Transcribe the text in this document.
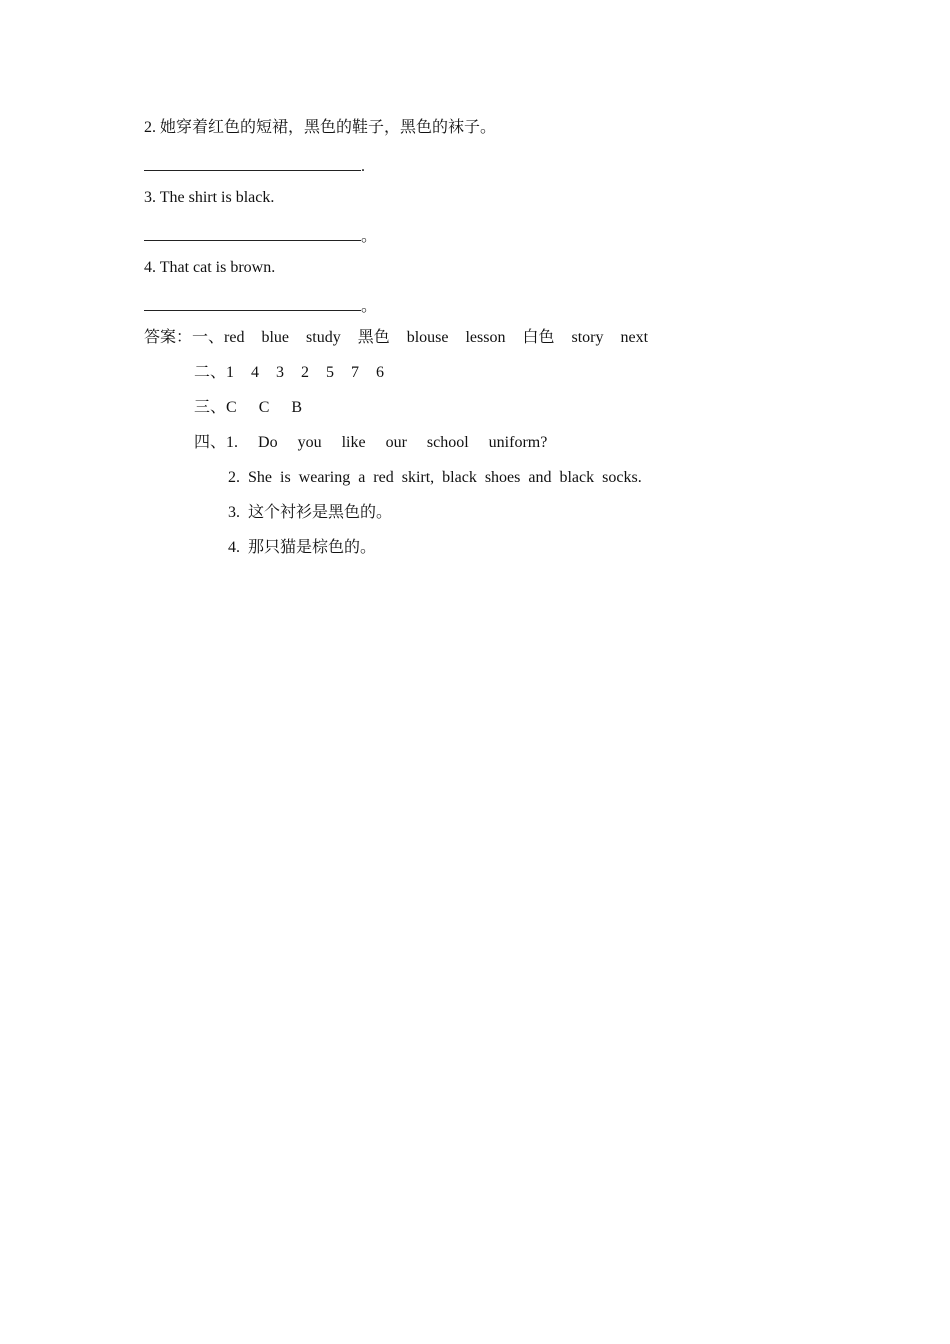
2. 她穿着红色的短裙，黑色的鞋子，黑色的袜子。
.
3. The shirt is black.
。
4. That cat is brown.
。
答案：一、red blue study 黑色 blouse lesson 白色 story next
二、1 4 3 2 5 7 6
三、C C B
四、1.  Do  you  like  our  school  uniform?
2.  She  is  wearing  a  red  skirt,  black  shoes  and  black  socks.
3.  这个衬衫是黑色的。
4.  那只猫是棕色的。
